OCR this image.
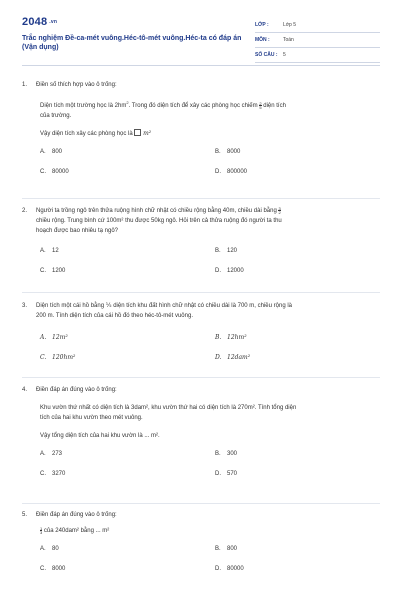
2048 .vn
Trắc nghiệm Đề-ca-mét vuông.Héc-tô-mét vuông.Héc-ta có đáp án (Vận dụng)
LỚP :	Lớp 5
MÔN :	Toán
SỐ CÂU :	5
1.	Điền số thích hợp vào ô trống:

Diện tích một trường học là $2hm^2$. Trong đó diện tích để xây các phòng học chiếm $\frac{2}{5}$ diện tích
của trường.

Vậy diện tích xây các phòng học là m²

A.	800	B.	8000
C.	80000	D.	800000
2.	Người ta trồng ngô trên thửa ruộng hình chữ nhật có chiều rộng bằng 40m, chiều dài bằng $\frac{3}{2}$

chiều rộng. Trung bình cứ 100m² thu được 50kg ngô. Hỏi trên cả thửa ruộng đó người ta thu
hoạch được bao nhiêu tạ ngô?
A.	12	B.	120
C.	1200	D.	12000
3.	Diện tích một cái hồ bằng ⅕ diện tích khu đất hình chữ nhật có chiều dài là 700 m, chiều rộng là
200 m. Tính diện tích của cái hồ đó theo héc-tô-mét vuông.
A. 12m²	B. 12hm²
C. 120hm²	D. 12dam²
4.	Điền đáp án đúng vào ô trống:

Khu vườn thứ nhất có diện tích là 3dam², khu vườn thứ hai có diện tích là 270m². Tính tổng diện
tích của hai khu vườn theo mét vuông.

Vậy tổng diện tích của hai khu vườn là ... m².

A.	273	B.	300
C.	3270	D.	570
5.	Điền đáp án đúng vào ô trống:

$\frac{1}{3}$ của 240dam² bằng ... m²

A.	80	B.	800
C.	8000	D.	80000
